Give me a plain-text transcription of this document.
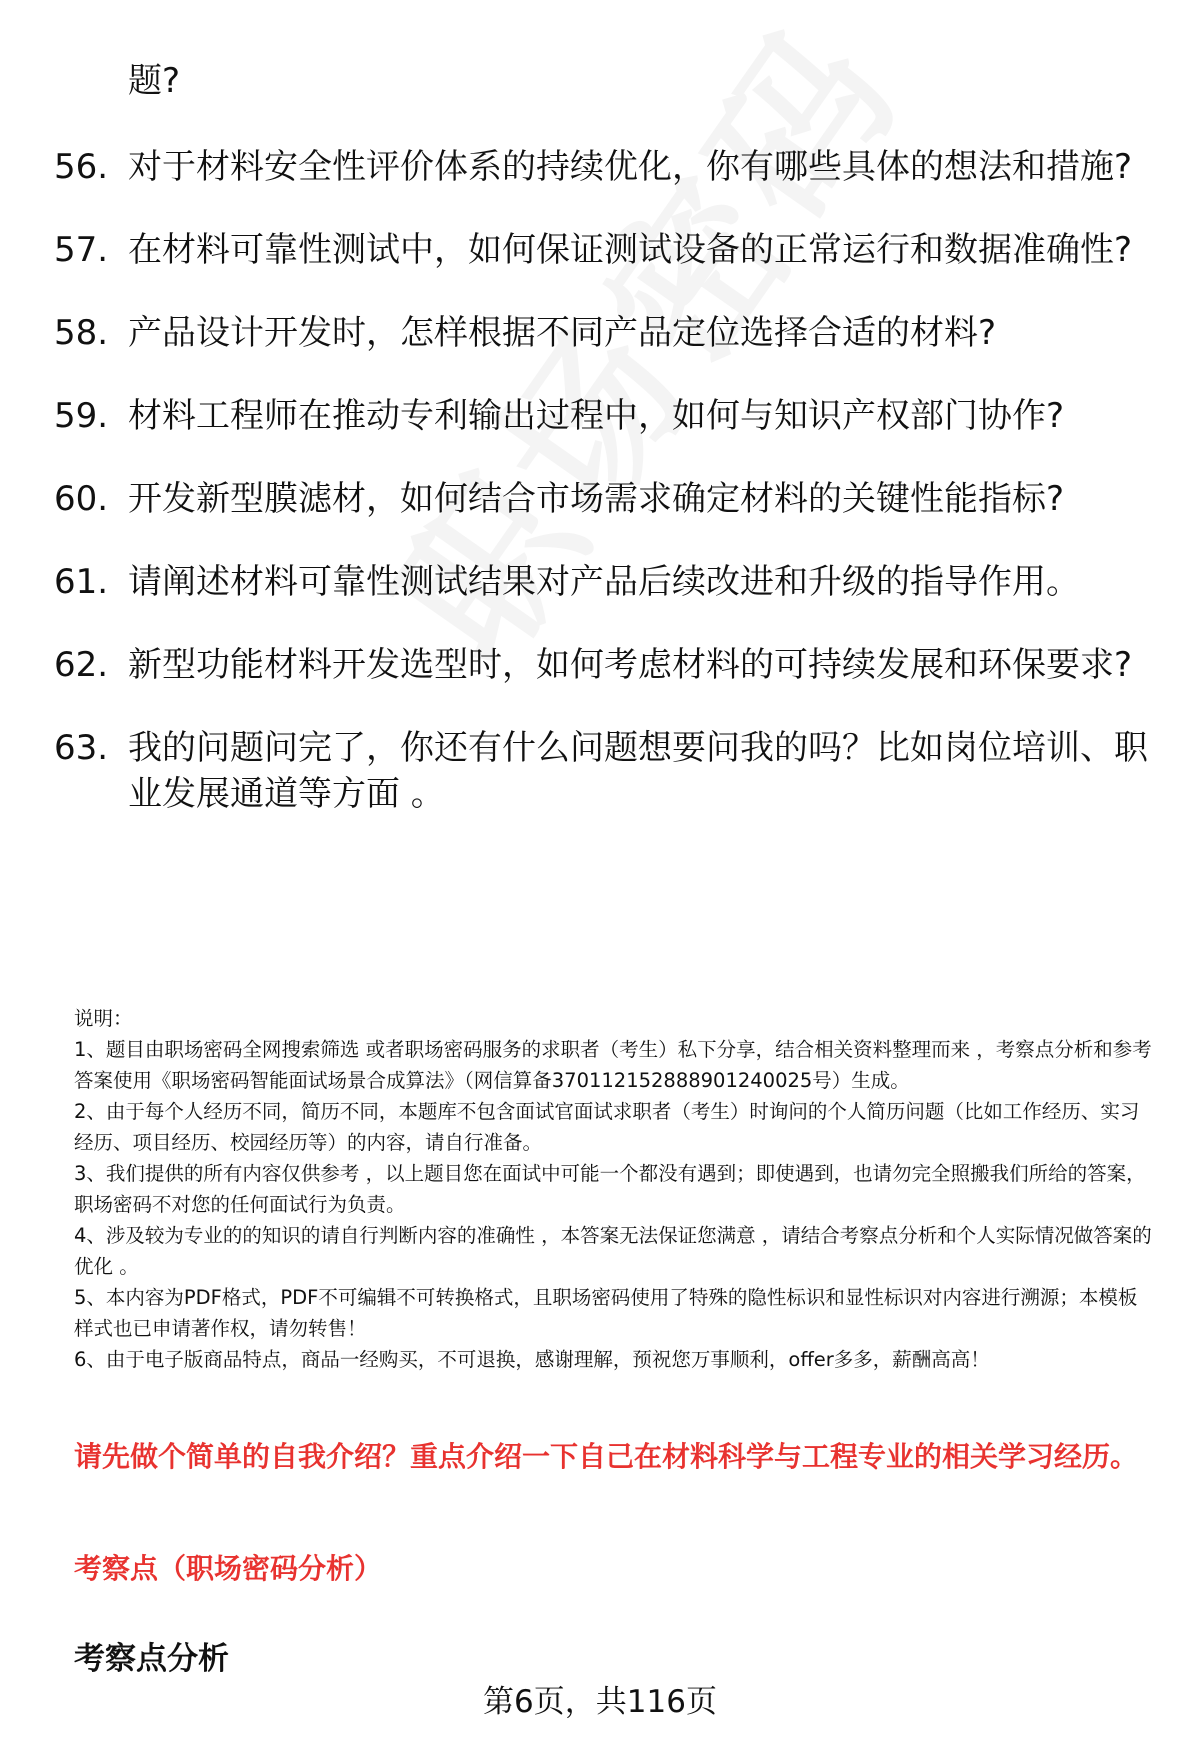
题?
56. 对于材料安全性评价体系的持续优化，你有哪些具体的想法和措施?
57. 在材料可靠性测试中，如何保证测试设备的正常运行和数据准确性?
58. 产品设计开发时，怎样根据不同产品定位选择合适的材料?
59. 材料工程师在推动专利输出过程中，如何与知识产权部门协作?
60. 开发新型膜滤材，如何结合市场需求确定材料的关键性能指标?
61. 请阐述材料可靠性测试结果对产品后续改进和升级的指导作用。
62. 新型功能材料开发选型时，如何考虑材料的可持续发展和环保要求?
63. 我的问题问完了，你还有什么问题想要问我的吗？比如岗位培训、职业发展通道等方面 。

说明：

1、题目由职场密码全网搜索筛选 或者职场密码服务的求职者（考生）私下分享，结合相关资料整理而来 ，考察点分析和参考答案使用《职场密码智能面试场景合成算法》（网信算备370112152888901240025号）生成。

2、由于每个人经历不同，简历不同，本题库不包含面试官面试求职者（考生）时询问的个人简历问题（比如工作经历、实习经历、项目经历、校园经历等）的内容，请自行准备。

3、我们提供的所有内容仅供参考 ，以上题目您在面试中可能一个都没有遇到；即使遇到，也请勿完全照搬我们所给的答案，职场密码不对您的任何面试行为负责。

4、涉及较为专业的的知识的请自行判断内容的准确性 ，本答案无法保证您满意 ，请结合考察点分析和个人实际情况做答案的优化 。

5、本内容为PDF格式，PDF不可编辑不可转换格式，且职场密码使用了特殊的隐性标识和显性标识对内容进行溯源；本模板样式也已申请著作权，请勿转售！

6、由于电子版商品特点，商品一经购买，不可退换，感谢理解，预祝您万事顺利，offer多多，薪酬高高！

请先做个简单的自我介绍？重点介绍一下自己在材料科学与工程专业的相关学习经历。
考察点（职场密码分析）
考察点分析
第6页，共116页
